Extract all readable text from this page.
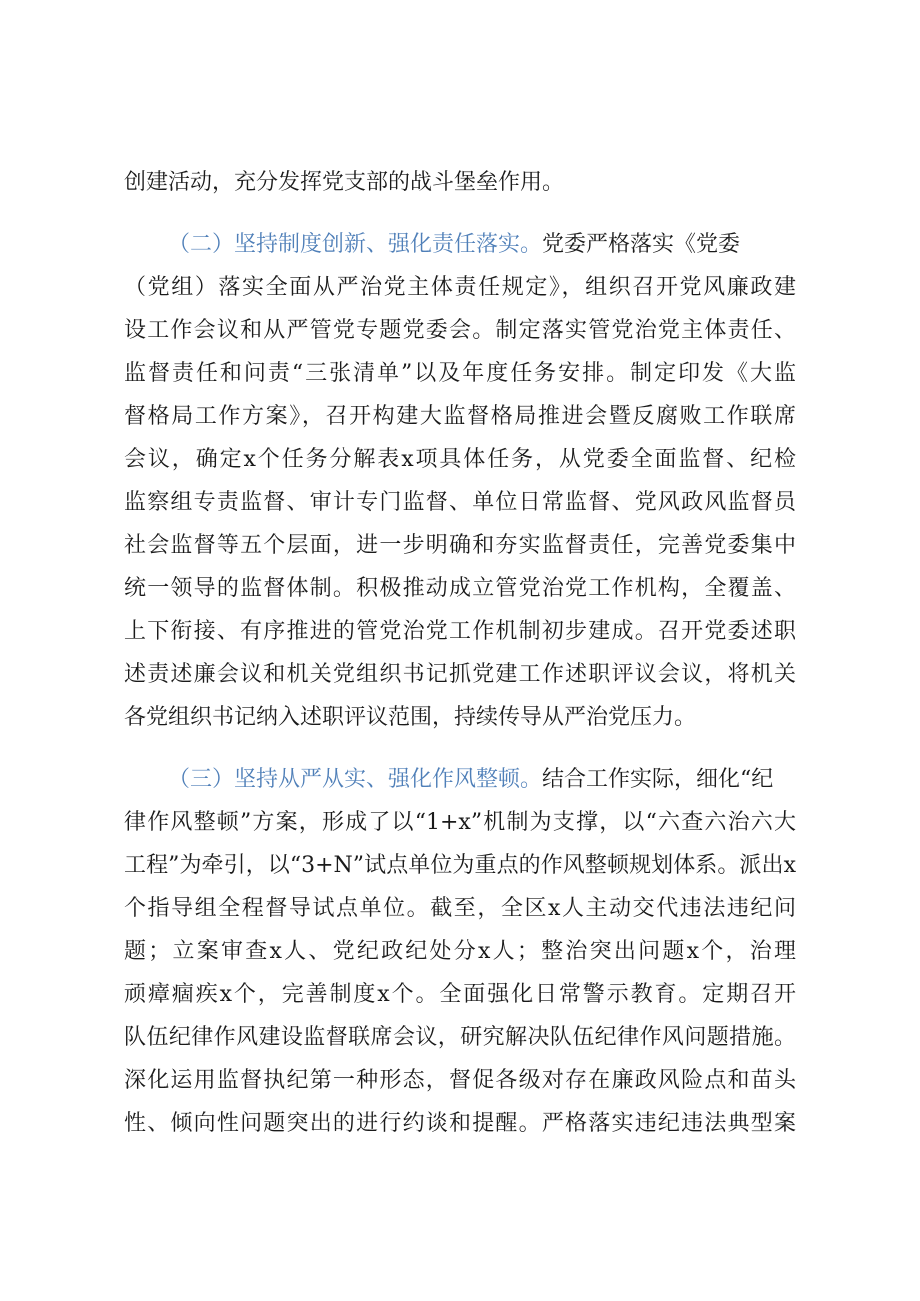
创建活动，充分发挥党支部的战斗堡垒作用。
（二）坚持制度创新、强化责任落实。党委严格落实《党委
（党组）落实全面从严治党主体责任规定》，组织召开党风廉政建
设工作会议和从严管党专题党委会。制定落实管党治党主体责任、
监督责任和问责“三张清单”以及年度任务安排。制定印发《大监
督格局工作方案》，召开构建大监督格局推进会暨反腐败工作联席
会议，确定x个任务分解表x项具体任务，从党委全面监督、纪检
监察组专责监督、审计专门监督、单位日常监督、党风政风监督员
社会监督等五个层面，进一步明确和夯实监督责任，完善党委集中
统一领导的监督体制。积极推动成立管党治党工作机构，全覆盖、
上下衔接、有序推进的管党治党工作机制初步建成。召开党委述职
述责述廉会议和机关党组织书记抓党建工作述职评议会议，将机关
各党组织书记纳入述职评议范围，持续传导从严治党压力。
（三）坚持从严从实、强化作风整顿。结合工作实际，细化“纪
律作风整顿”方案，形成了以“1+x”机制为支撑，以“六查六治六大
工程”为牵引，以“3+N”试点单位为重点的作风整顿规划体系。派出x
个指导组全程督导试点单位。截至，全区x人主动交代违法违纪问
题；立案审查x人、党纪政纪处分x人；整治突出问题x个，治理
顽瘴痼疾x个，完善制度x个。全面强化日常警示教育。定期召开
队伍纪律作风建设监督联席会议，研究解决队伍纪律作风问题措施。
深化运用监督执纪第一种形态，督促各级对存在廉政风险点和苗头
性、倾向性问题突出的进行约谈和提醒。严格落实违纪违法典型案
